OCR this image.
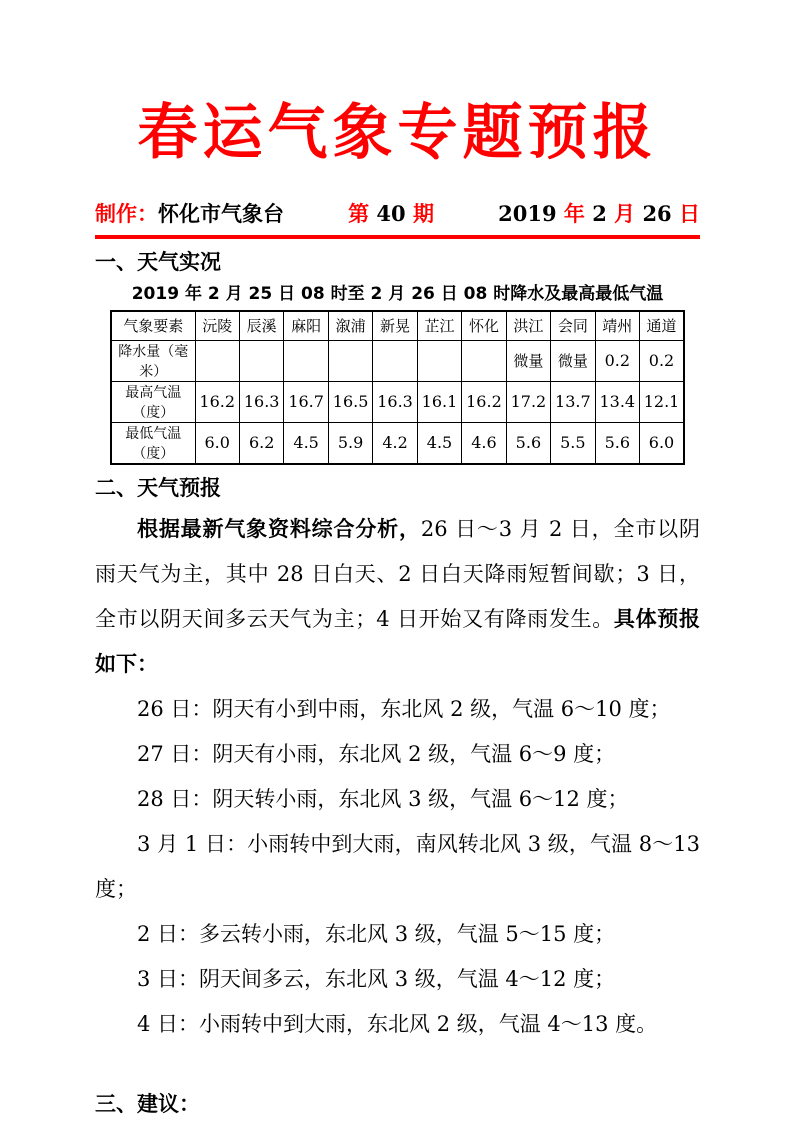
春运气象专题预报
制作：怀化市气象台	第 40 期	2019 年 2 月 26 日
一、天气实况
2019 年 2 月 25 日 08 时至 2 月 26 日 08 时降水及最高最低气温
气象要素	沅陵	辰溪	麻阳	溆浦	新晃	芷江	怀化	洪江	会同	靖州	通道
降水量（毫米）								微量	微量	0.2	0.2
最高气温（度）	16.2	16.3	16.7	16.5	16.3	16.1	16.2	17.2	13.7	13.4	12.1
最低气温（度）	6.0	6.2	4.5	5.9	4.2	4.5	4.6	5.6	5.5	5.6	6.0
二、天气预报

根据最新气象资料综合分析，26 日～3 月 2 日，全市以阴雨天气为主，其中 28 日白天、2 日白天降雨短暂间歇；3 日，全市以阴天间多云天气为主；4 日开始又有降雨发生。具体预报如下：

26 日：阴天有小到中雨，东北风 2 级，气温 6～10 度；

27 日：阴天有小雨，东北风 2 级，气温 6～9 度；

28 日：阴天转小雨，东北风 3 级，气温 6～12 度；

3 月 1 日：小雨转中到大雨，南风转北风 3 级，气温 8～13 度；

2 日：多云转小雨，东北风 3 级，气温 5～15 度；

3 日：阴天间多云，东北风 3 级，气温 4～12 度；

4 日：小雨转中到大雨，东北风 2 级，气温 4～13 度。

三、建议：
